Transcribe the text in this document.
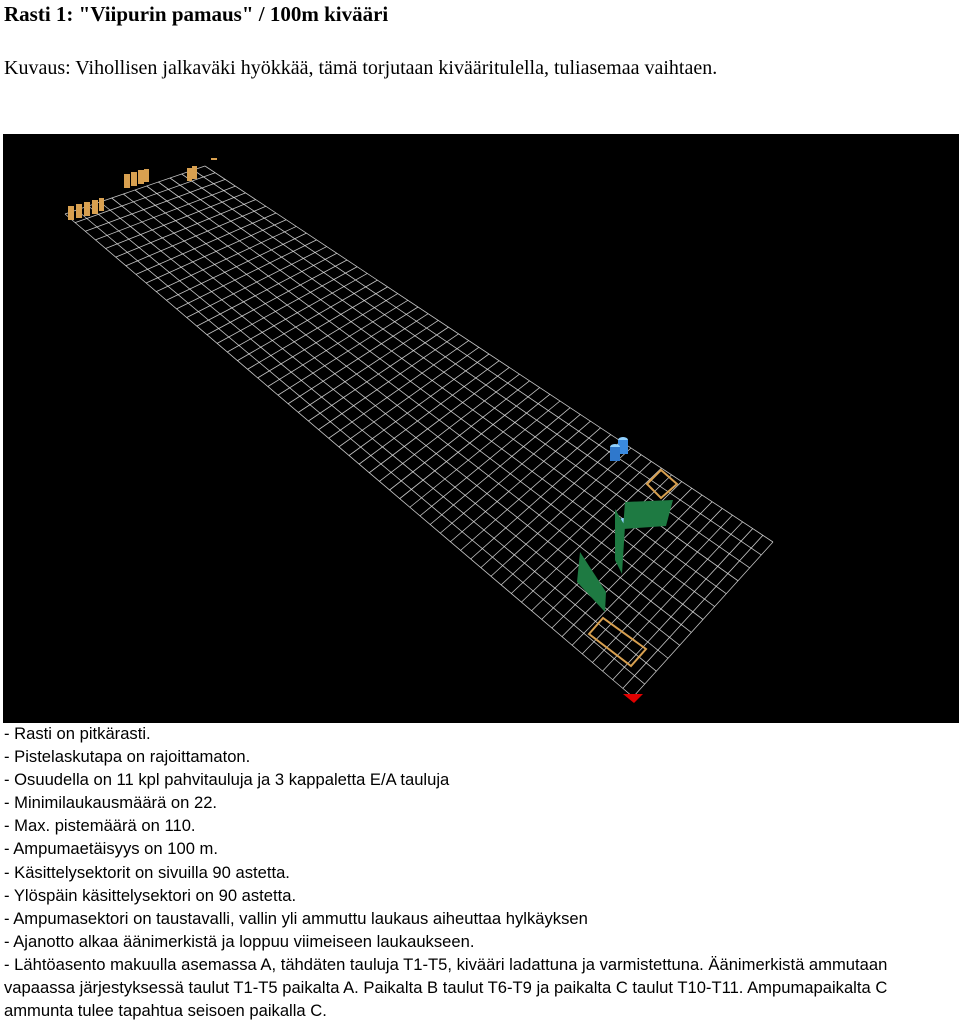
Rasti 1: "Viipurin pamaus" / 100m kivääri
Kuvaus: Vihollisen jalkaväki hyökkää, tämä torjutaan kivääritulella, tuliasemaa vaihtaen.
- Rasti on pitkärasti.
- Pistelaskutapa on rajoittamaton.
- Osuudella on 11 kpl pahvitauluja ja 3 kappaletta E/A tauluja
- Minimilaukausmäärä on 22.
- Max. pistemäärä on 110.
- Ampumaetäisyys on 100 m.
- Käsittelysektorit on sivuilla 90 astetta.
- Ylöspäin käsittelysektori on 90 astetta.
- Ampumasektori on taustavalli, vallin yli ammuttu laukaus aiheuttaa hylkäyksen
- Ajanotto alkaa äänimerkistä ja loppuu viimeiseen laukaukseen.
- Lähtöasento makuulla asemassa A, tähdäten tauluja T1-T5, kivääri ladattuna ja varmistettuna. Äänimerkistä ammutaan vapaassa järjestyksessä taulut T1-T5 paikalta A. Paikalta B taulut T6-T9 ja paikalta C taulut T10-T11. Ampumapaikalta C ammunta tulee tapahtua seisoen paikalla C.
